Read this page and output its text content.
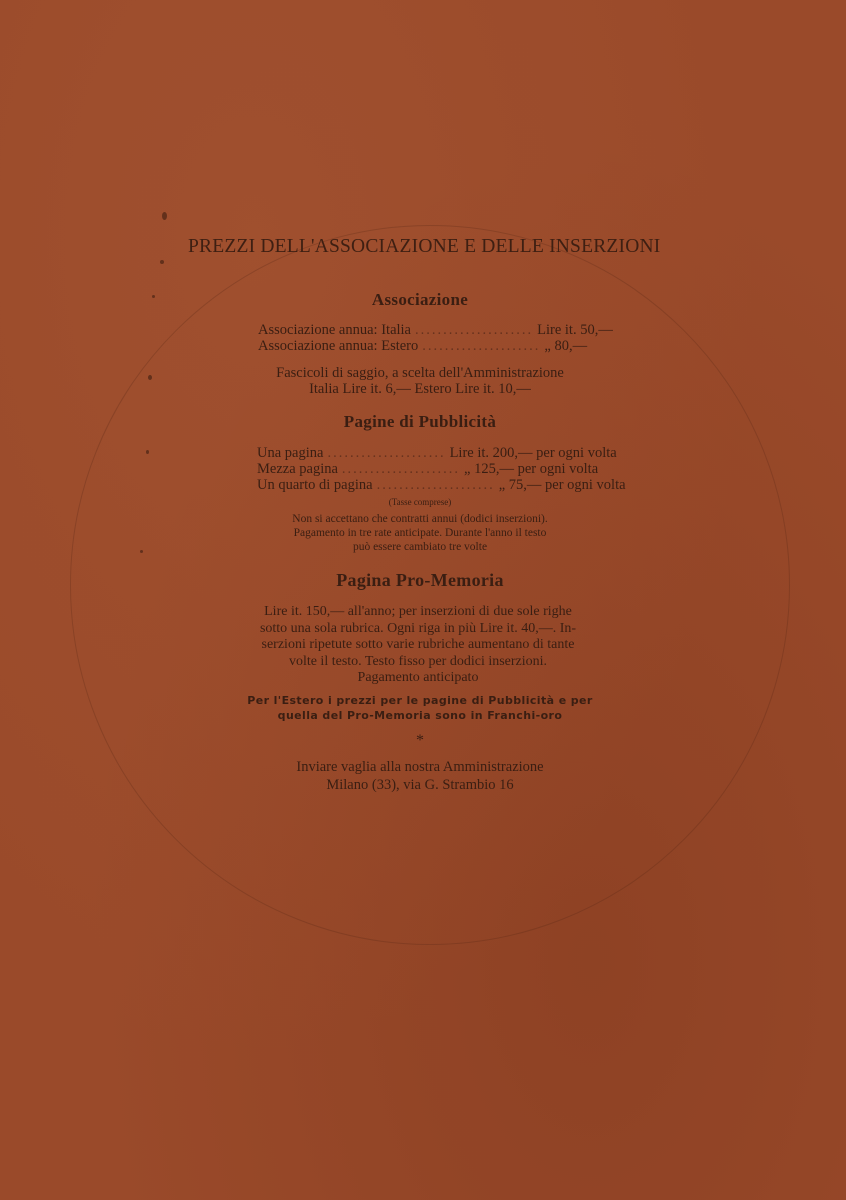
PREZZI DELL'ASSOCIAZIONE E DELLE INSERZIONI
Associazione
Associazione annua: Italia ..................... Lire it. 50,—
Associazione annua: Estero ..................... „ 80,—
Fascicoli di saggio, a scelta dell'Amministrazione
Italia Lire it. 6,— Estero Lire it. 10,—
Pagine di Pubblicità
Una pagina ..................... Lire it. 200,— per ogni volta
Mezza pagina ..................... „ 125,— per ogni volta
Un quarto di pagina ..................... „ 75,— per ogni volta
(Tasse comprese)
Non si accettano che contratti annui (dodici inserzioni).
Pagamento in tre rate anticipate. Durante l'anno il testo
può essere cambiato tre volte
Pagina Pro-Memoria
Lire it. 150,— all'anno; per inserzioni di due sole righe
sotto una sola rubrica. Ogni riga in più Lire it. 40,—. In-
serzioni ripetute sotto varie rubriche aumentano di tante
volte il testo. Testo fisso per dodici inserzioni.
Pagamento anticipato
Per l'Estero i prezzi per le pagine di Pubblicità e per
quella del Pro-Memoria sono in Franchi-oro
*
Inviare vaglia alla nostra Amministrazione
Milano (33), via G. Strambio 16
